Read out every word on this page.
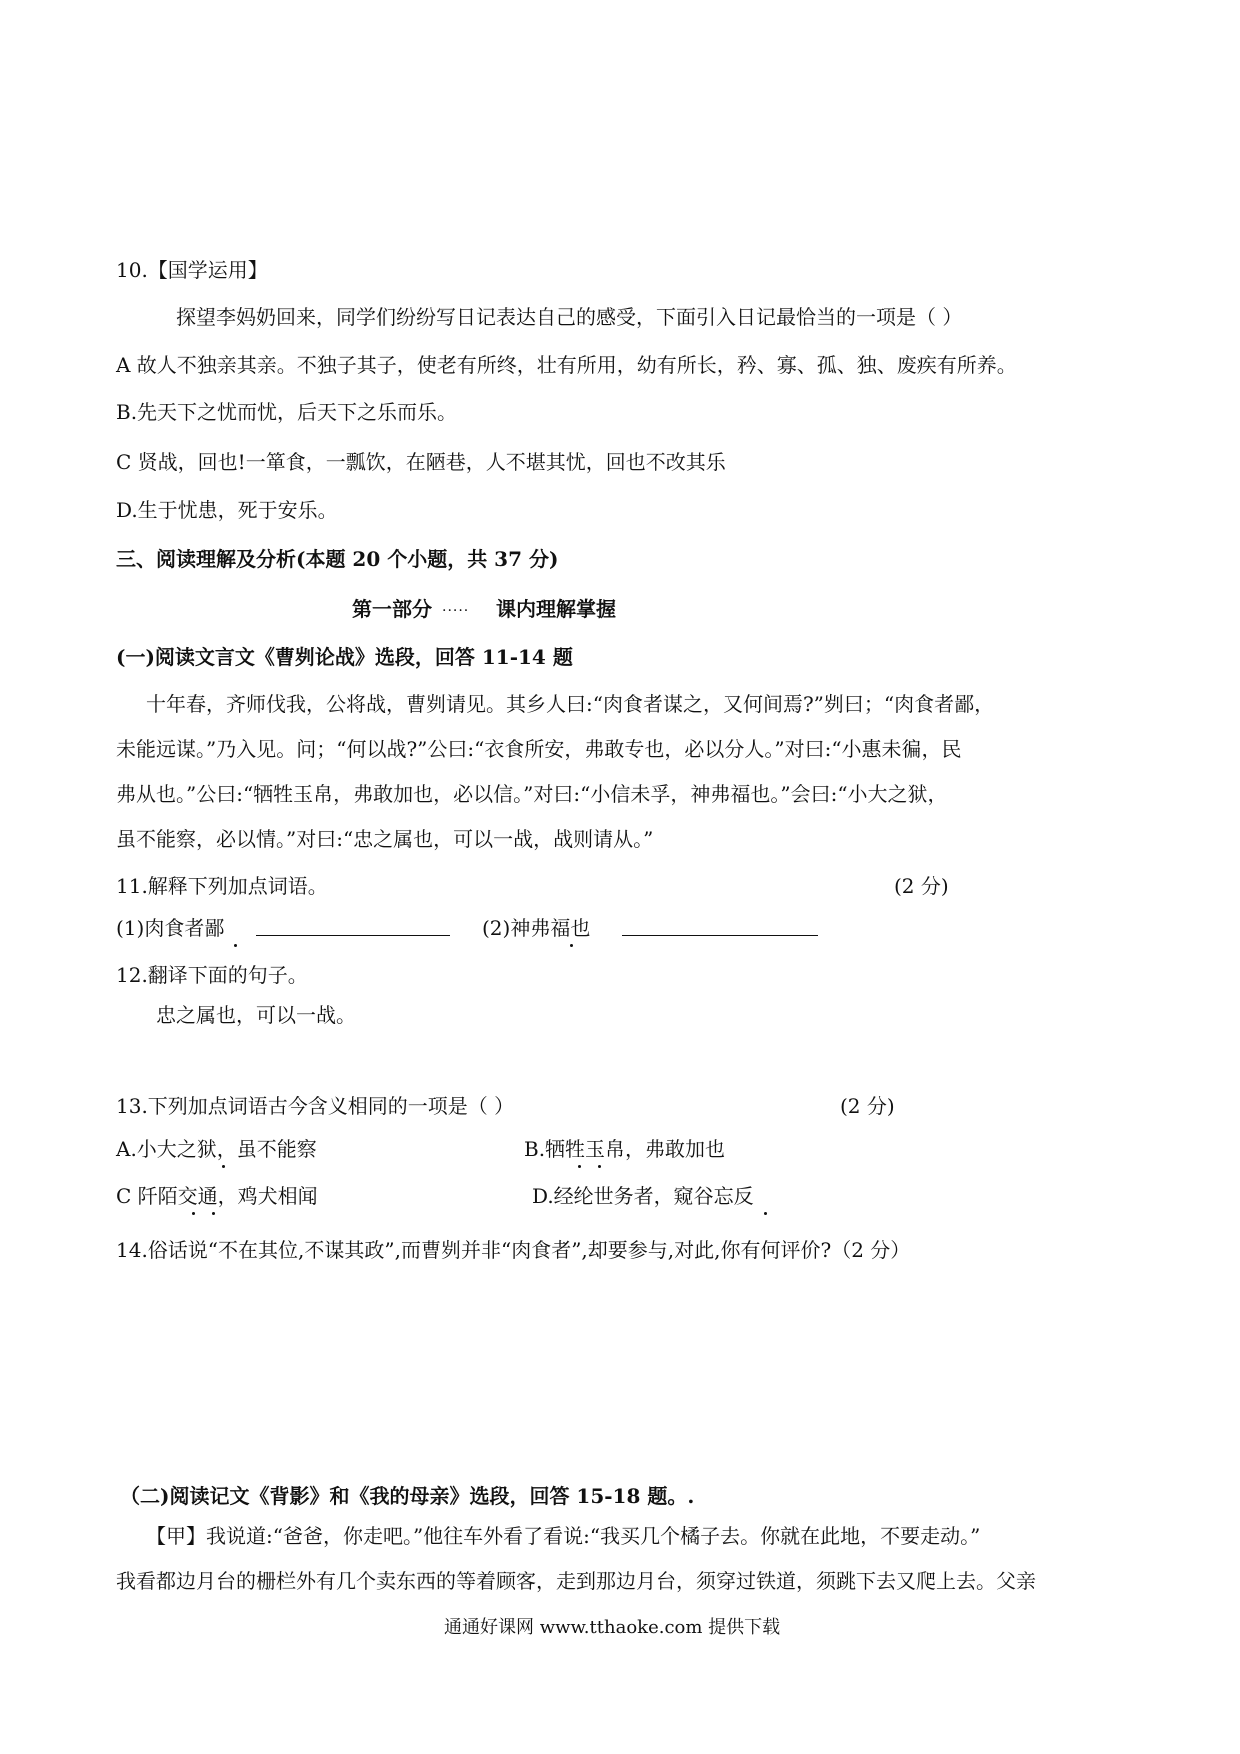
10.【国学运用】
探望李妈奶回来，同学们纷纷写日记表达自己的感受，下面引入日记最恰当的一项是（ ）
A 故人不独亲其亲。不独子其子，使老有所终，壮有所用，幼有所长，矜、寡、孤、独、废疾有所养。
B.先天下之忧而忧，后天下之乐而乐。
C 贤战，回也!一箪食，一瓢饮，在陋巷，人不堪其忧，回也不改其乐
D.生于忧患，死于安乐。
三、阅读理解及分析(本题 20 个小题，共 37 分)
第一部分 ..... 课内理解掌握
(一)阅读文言文《曹刿论战》选段，回答 11-14 题
十年春，齐师伐我，公将战，曹刿请见。其乡人曰:“肉食者谋之，又何间焉?”刿曰；“肉食者鄙，
未能远谋。”乃入见。问；“何以战?”公曰:“衣食所安，弗敢专也，必以分人。”对曰:“小惠未徧，民
弗从也。”公曰:“牺牲玉帛，弗敢加也，必以信。”对曰:“小信未孚，神弗福也。”会曰:“小大之狱，
虽不能察，必以情。”对曰:“忠之属也，可以一战，战则请从。”
11.解释下列加点词语。	(2 分)
(1)肉食者鄙	(2)神弗福也
12.翻译下面的句子。
忠之属也，可以一战。
13.下列加点词语古今含义相同的一项是（ ）	(2 分)
A.小大之狱，虽不能察	B.牺牲玉帛，弗敢加也
C 阡陌交通，鸡犬相闻	D.经纶世务者，窥谷忘反
14.俗话说“不在其位,不谋其政”,而曹刿并非“肉食者”,却要参与,对此,你有何评价?（2 分）
（二)阅读记文《背影》和《我的母亲》选段，回答 15-18 题。.
【甲】我说道:“爸爸，你走吧。”他往车外看了看说:“我买几个橘子去。你就在此地，不要走动。”
我看都边月台的栅栏外有几个卖东西的等着顾客，走到那边月台，须穿过铁道，须跳下去又爬上去。父亲
通通好课网 www.tthaoke.com 提供下载
